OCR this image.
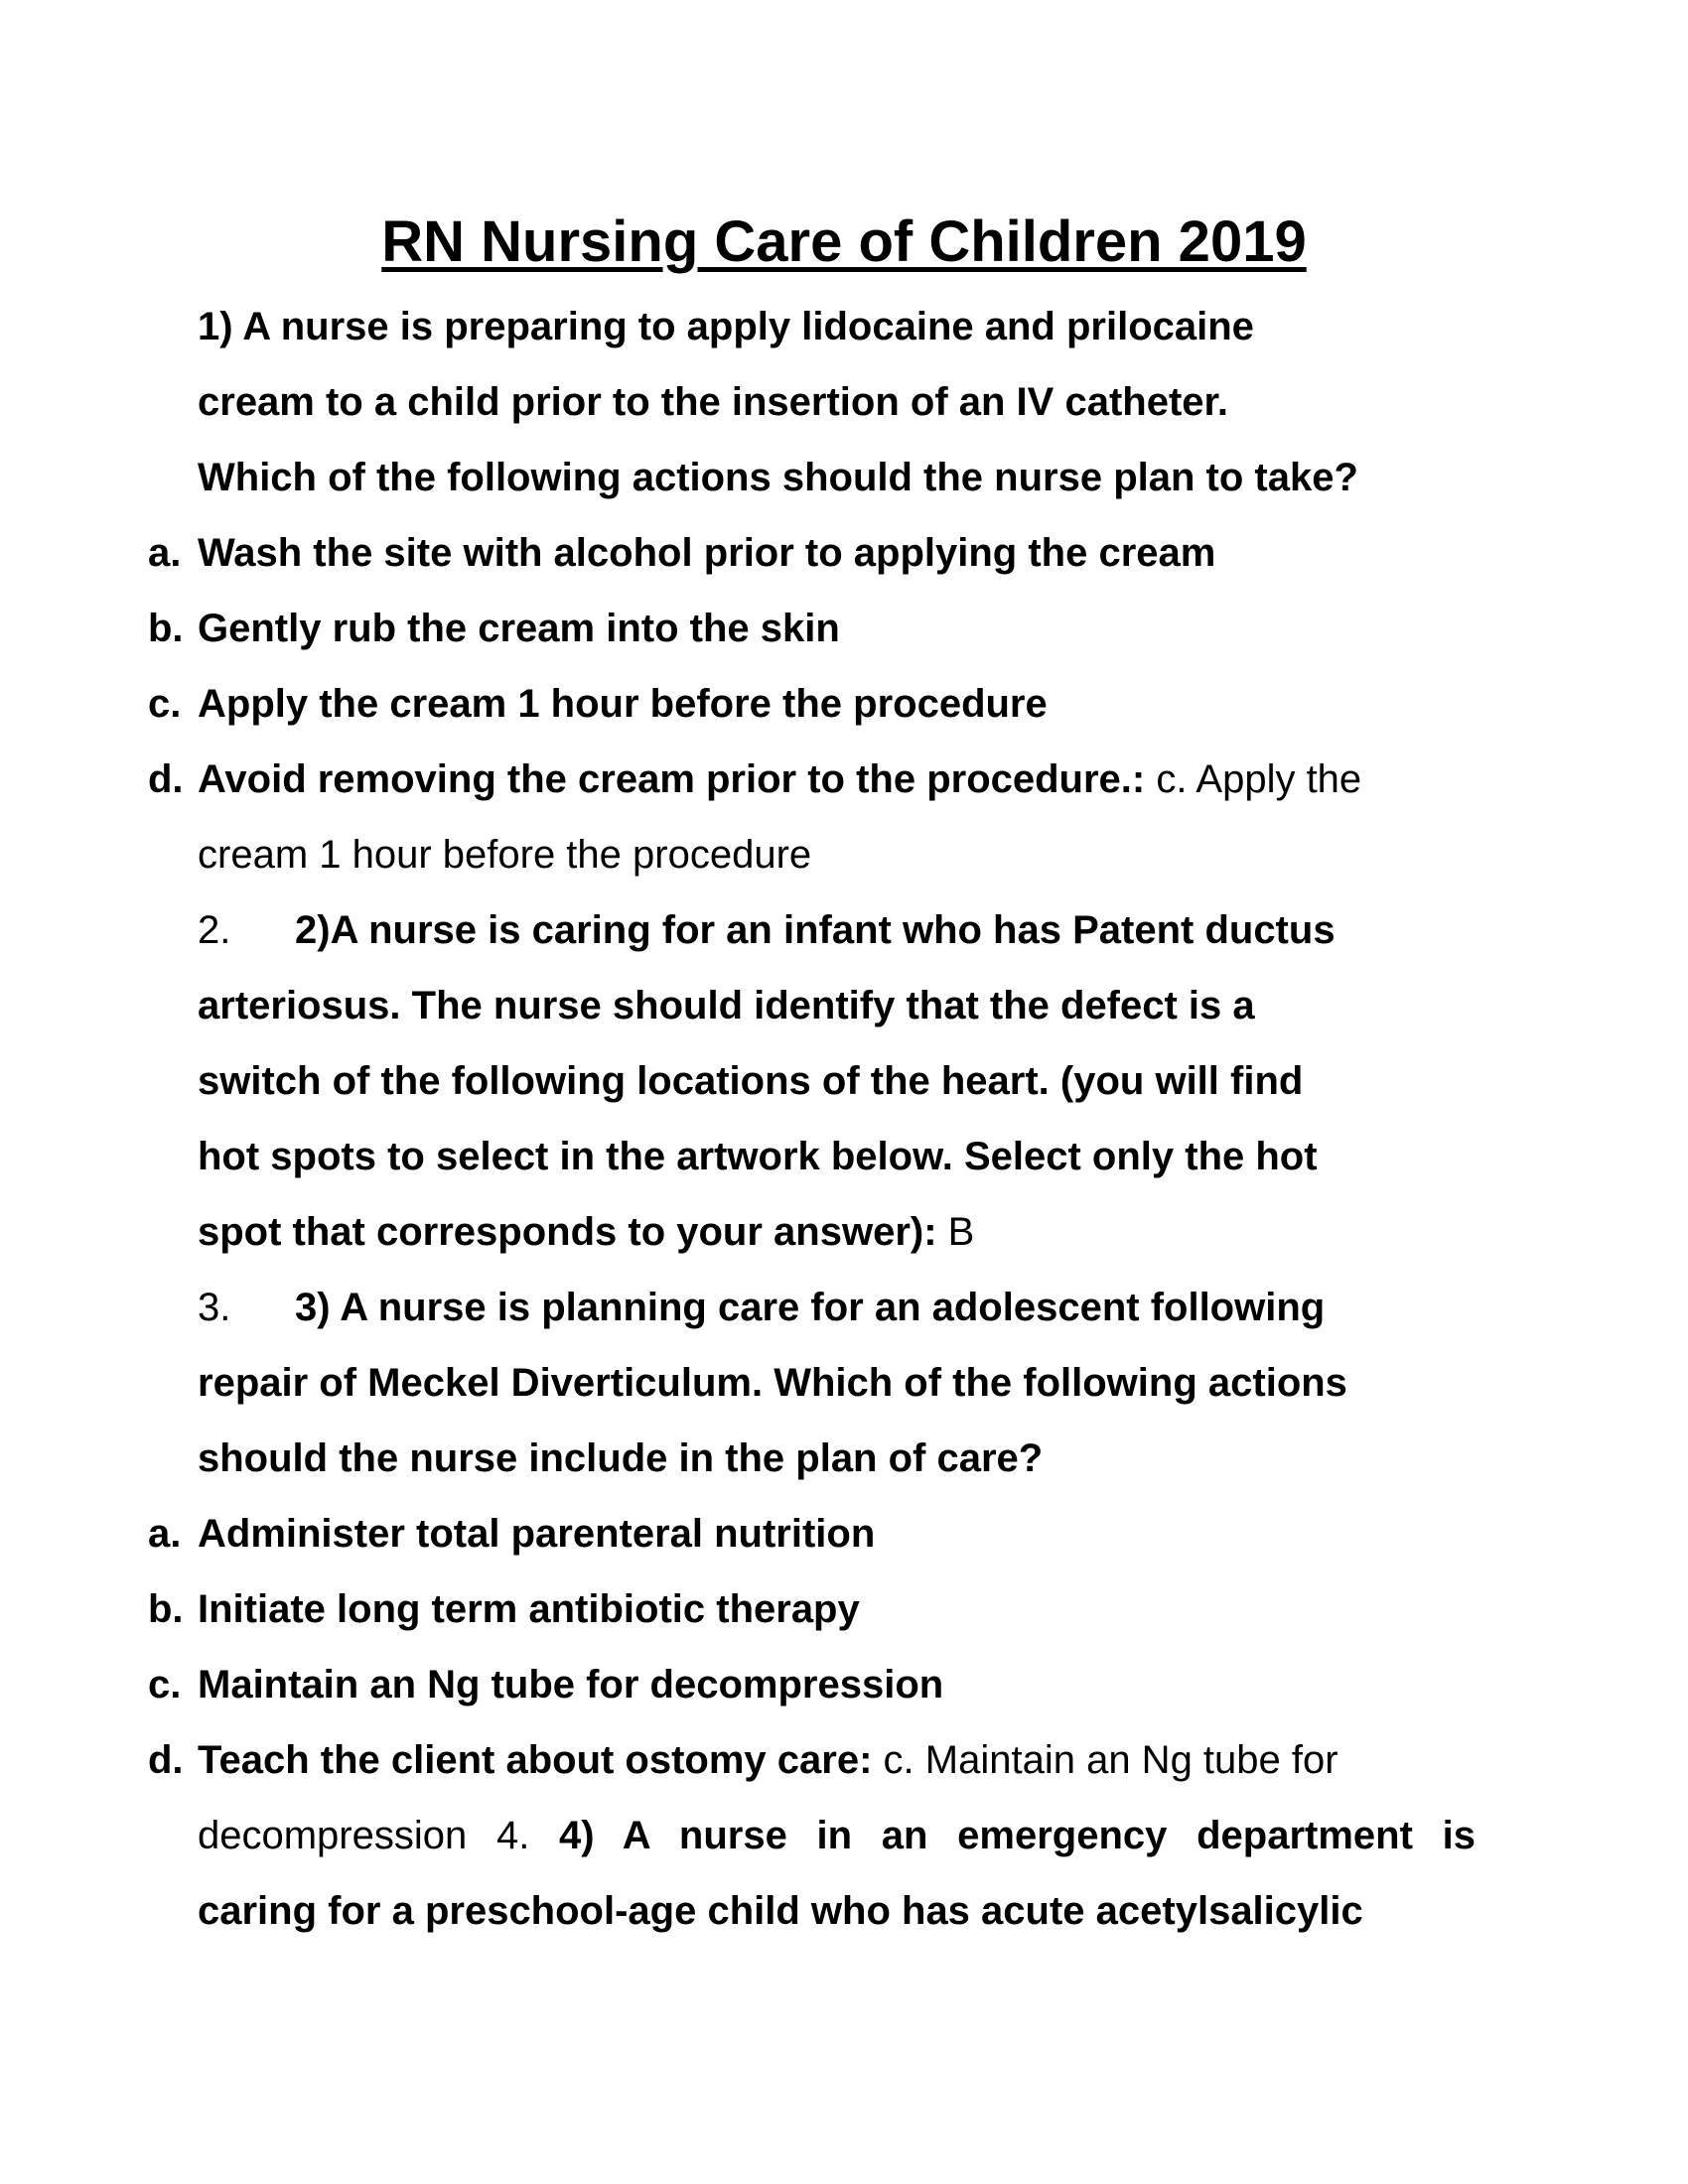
RN Nursing Care of Children 2019
1) A nurse is preparing to apply lidocaine and prilocaine
cream to a child prior to the insertion of an IV catheter.
Which of the following actions should the nurse plan to take?
a. Wash the site with alcohol prior to applying the cream
b. Gently rub the cream into the skin
c. Apply the cream 1 hour before the procedure
d. Avoid removing the cream prior to the procedure.: c. Apply the
cream 1 hour before the procedure
2. 2)A nurse is caring for an infant who has Patent ductus
arteriosus. The nurse should identify that the defect is a
switch of the following locations of the heart. (you will find
hot spots to select in the artwork below. Select only the hot
spot that corresponds to your answer): B
3. 3) A nurse is planning care for an adolescent following
repair of Meckel Diverticulum. Which of the following actions
should the nurse include in the plan of care?
a. Administer total parenteral nutrition
b. Initiate long term antibiotic therapy
c. Maintain an Ng tube for decompression
d. Teach the client about ostomy care: c. Maintain an Ng tube for
decompression 4. 4) A nurse in an emergency department is
caring for a preschool-age child who has acute acetylsalicylic
